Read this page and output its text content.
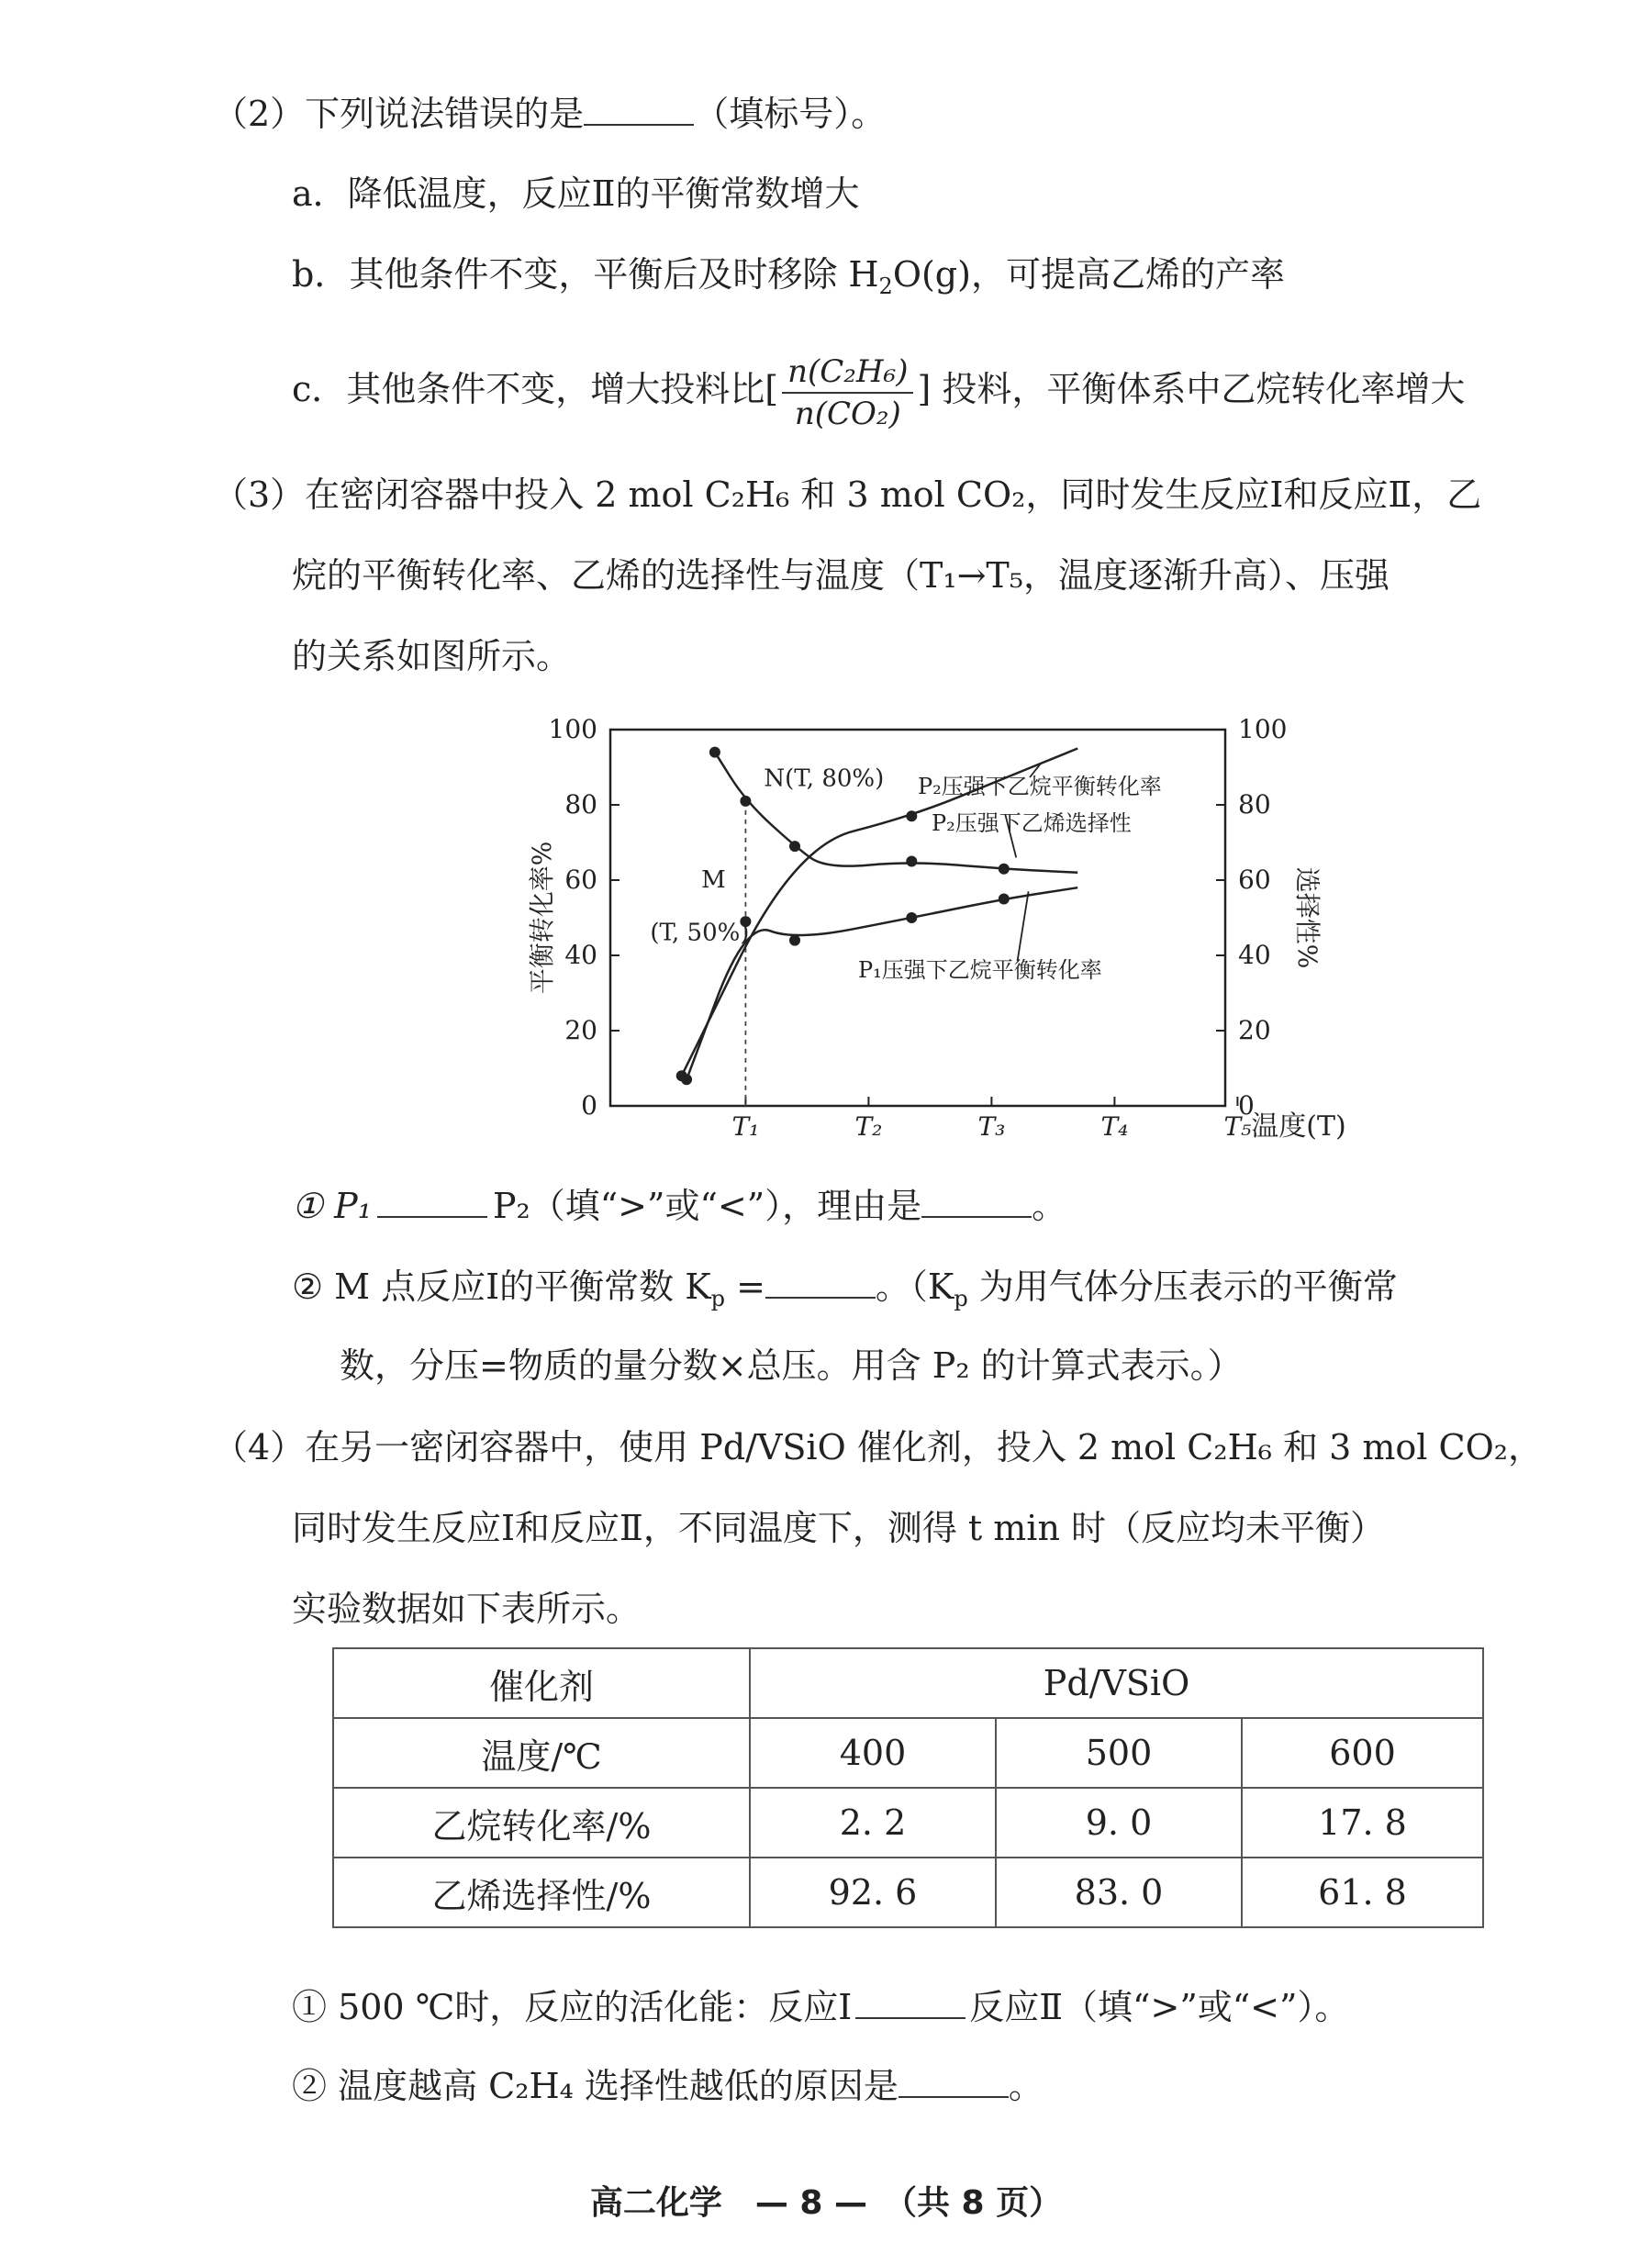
（2）下列说法错误的是	（填标号）。
a．降低温度，反应Ⅱ的平衡常数增大
b．其他条件不变，平衡后及时移除 $H_2O(g)$，可提高乙烯的产率
c．其他条件不变，增大投料比[ $\frac{\text{n(C₂H₆)}}{\text{n(CO₂)}}$ ] 投料，平衡体系中乙烷转化率增大
（3）在密闭容器中投入 2 mol C₂H₆ 和 3 mol CO₂，同时发生反应Ⅰ和反应Ⅱ，乙
烷的平衡转化率、乙烯的选择性与温度（T₁→T₅，温度逐渐升高）、压强
的关系如图所示。
0	0
20	20
40	40
60	60
80	80
100	100
T₁	T₂	T₃	T₄	T₅ 温度(T)
平衡转化率%	选择性%
P₂压强下乙烷平衡转化率
P₂压强下乙烯选择性
P₁压强下乙烷平衡转化率
N(T, 80%)
M
(T, 50%)
① P₁	P₂（填“>”或“<”），理由是	。
② M 点反应Ⅰ的平衡常数 $K_p$ =	。（$K_p$ 为用气体分压表示的平衡常
数，分压=物质的量分数×总压。用含 P₂ 的计算式表示。）
（4）在另一密闭容器中，使用 Pd/VSiO 催化剂，投入 2 mol C₂H₆ 和 3 mol CO₂，
同时发生反应Ⅰ和反应Ⅱ，不同温度下，测得 t min 时（反应均未平衡）
实验数据如下表所示。
催化剂	Pd/VSiO		
温度/℃	400	500	600
乙烷转化率/%	2. 2	9. 0	17. 8
乙烯选择性/%	92. 6	83. 0	61. 8
① 500 ℃时，反应的活化能：反应Ⅰ	反应Ⅱ（填“>”或“<”）。
② 温度越高 C₂H₄ 选择性越低的原因是	。
高二化学　— 8 —　（共 8 页）
